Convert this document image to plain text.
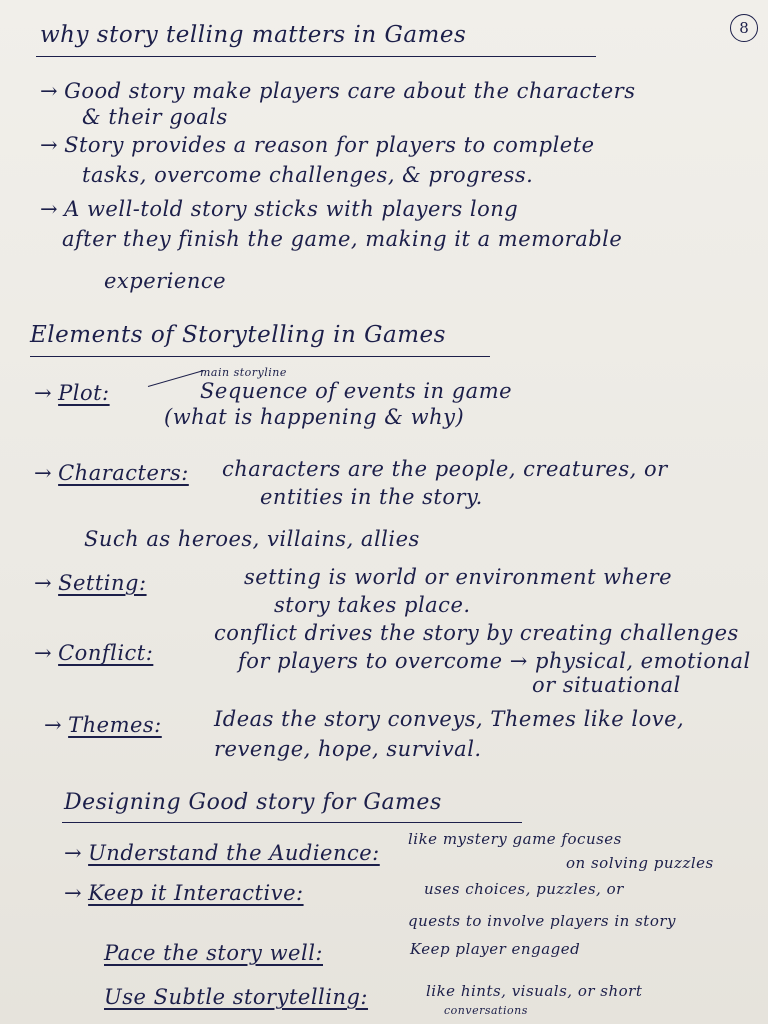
8
why story telling matters in Games
→ Good story make players care about the characters
& their goals
→ Story provides a reason for players to complete
tasks, overcome challenges, & progress.
→ A well-told story sticks with players long
after they finish the game, making it a memorable
experience
Elements of Storytelling in Games
main storyline
→ Plot:	Sequence of events in game
(what is happening & why)
→ Characters: characters are the people, creatures, or
entities in the story.
Such as heroes, villains, allies
→ Setting:	setting is world or environment where
story takes place.
→ Conflict:
conflict drives the story by creating challenges
for players to overcome → physical, emotional
or situational
→ Themes: Ideas the story conveys, Themes like love,
revenge, hope, survival.
Designing Good story for Games
→ Understand the Audience:
like mystery game focuses
on solving puzzles
→ Keep it Interactive:	uses choices, puzzles, or
quests to involve players in story
Pace the story well:	Keep player engaged
Use Subtle storytelling:	like hints, visuals, or short
conversations
